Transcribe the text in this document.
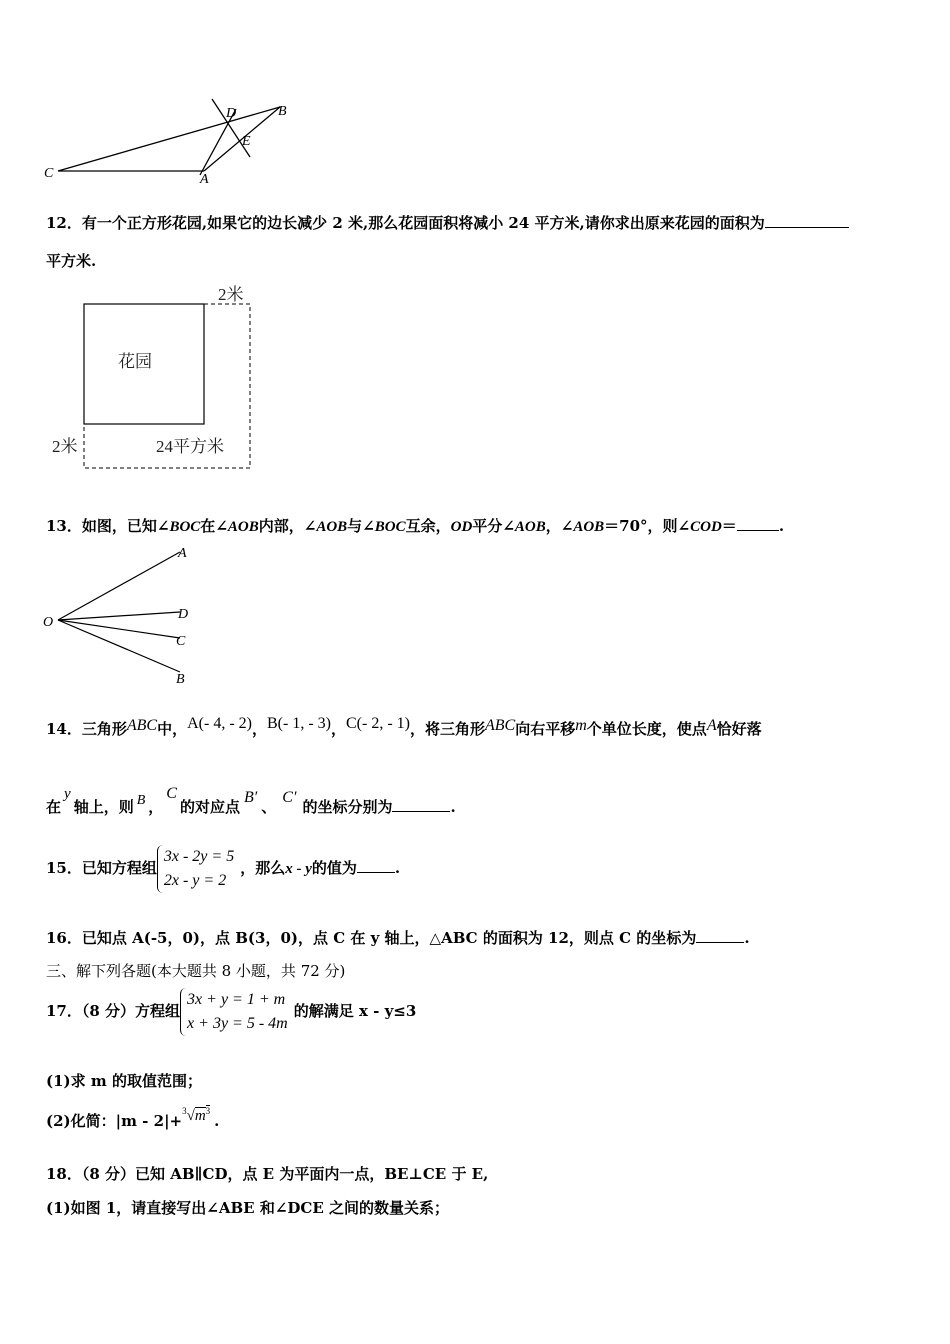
C	A
D	B
E
12．有一个正方形花园,如果它的边长减少 2 米,那么花园面积将减小 24 平方米,请你求出原来花园的面积为
平方米.
2米
花园
2米	24平方米
13．如图，已知∠BOC在∠AOB内部，∠AOB与∠BOC互余，OD平分∠AOB，∠AOB＝70°，则∠COD＝	.
O
A
D
C
B
14．三角形ABC中，A(- 4, - 2)，B(- 1, - 3)，C(- 2, - 1)，将三角形ABC向右平移m个单位长度，使点A恰好落
在y轴上，则 B ，C的对应点B′、C′的坐标分别为	.
15．已知方程组
3x - 2y = 5
2x - y = 2
，那么x - y的值为	.
16．已知点 A(-5，0)，点 B(3，0)，点 C 在 y 轴上，△ABC 的面积为 12，则点 C 的坐标为	.
三、解下列各题(本大题共 8 小题，共 72 分)
17．（8 分）方程组
3x + y = 1 + m
x + 3y = 5 - 4m
的解满足 x - y≤3
(1)求 m 的取值范围；
(2)化简：$|m - 2|+^3√m^3$.
18．（8 分）已知 AB∥CD，点 E 为平面内一点，BE⊥CE 于 E,
(1)如图 1，请直接写出∠ABE 和∠DCE 之间的数量关系；
